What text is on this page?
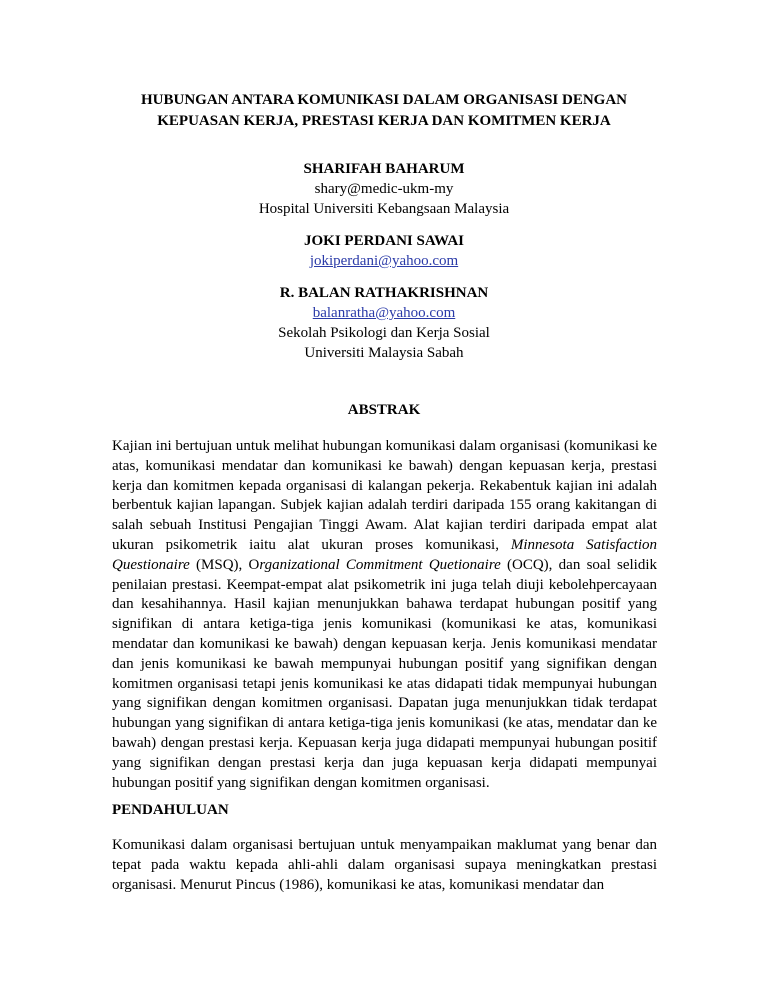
HUBUNGAN ANTARA KOMUNIKASI DALAM ORGANISASI DENGAN
KEPUASAN KERJA, PRESTASI KERJA DAN KOMITMEN KERJA
SHARIFAH BAHARUM
shary@medic-ukm-my
Hospital Universiti Kebangsaan Malaysia
JOKI PERDANI SAWAI
jokiperdani@yahoo.com
R. BALAN RATHAKRISHNAN
balanratha@yahoo.com
Sekolah Psikologi dan Kerja Sosial
Universiti Malaysia Sabah
ABSTRAK

Kajian ini bertujuan untuk melihat hubungan komunikasi dalam organisasi (komunikasi ke atas, komunikasi mendatar dan komunikasi ke bawah) dengan kepuasan kerja, prestasi kerja dan komitmen kepada organisasi di kalangan pekerja. Rekabentuk kajian ini adalah berbentuk kajian lapangan. Subjek kajian adalah terdiri daripada 155 orang kakitangan di salah sebuah Institusi Pengajian Tinggi Awam. Alat kajian terdiri daripada empat alat ukuran psikometrik iaitu alat ukuran proses komunikasi, Minnesota Satisfaction Questionaire (MSQ), Organizational Commitment Quetionaire (OCQ), dan soal selidik penilaian prestasi. Keempat-empat alat psikometrik ini juga telah diuji kebolehpercayaan dan kesahihannya. Hasil kajian menunjukkan bahawa terdapat hubungan positif yang signifikan di antara ketiga-tiga jenis komunikasi (komunikasi ke atas, komunikasi mendatar dan komunikasi ke bawah) dengan kepuasan kerja. Jenis komunikasi mendatar dan jenis komunikasi ke bawah mempunyai hubungan positif yang signifikan dengan komitmen organisasi tetapi jenis komunikasi ke atas didapati tidak mempunyai hubungan yang signifikan dengan komitmen organisasi. Dapatan juga menunjukkan tidak terdapat hubungan yang signifikan di antara ketiga-tiga jenis komunikasi (ke atas, mendatar dan ke bawah) dengan prestasi kerja. Kepuasan kerja juga didapati mempunyai hubungan positif yang signifikan dengan prestasi kerja dan juga kepuasan kerja didapati mempunyai hubungan positif yang signifikan dengan komitmen organisasi.

PENDAHULUAN

Komunikasi dalam organisasi bertujuan untuk menyampaikan maklumat yang benar dan tepat pada waktu kepada ahli-ahli dalam organisasi supaya meningkatkan prestasi organisasi. Menurut Pincus (1986), komunikasi ke atas, komunikasi mendatar dan
